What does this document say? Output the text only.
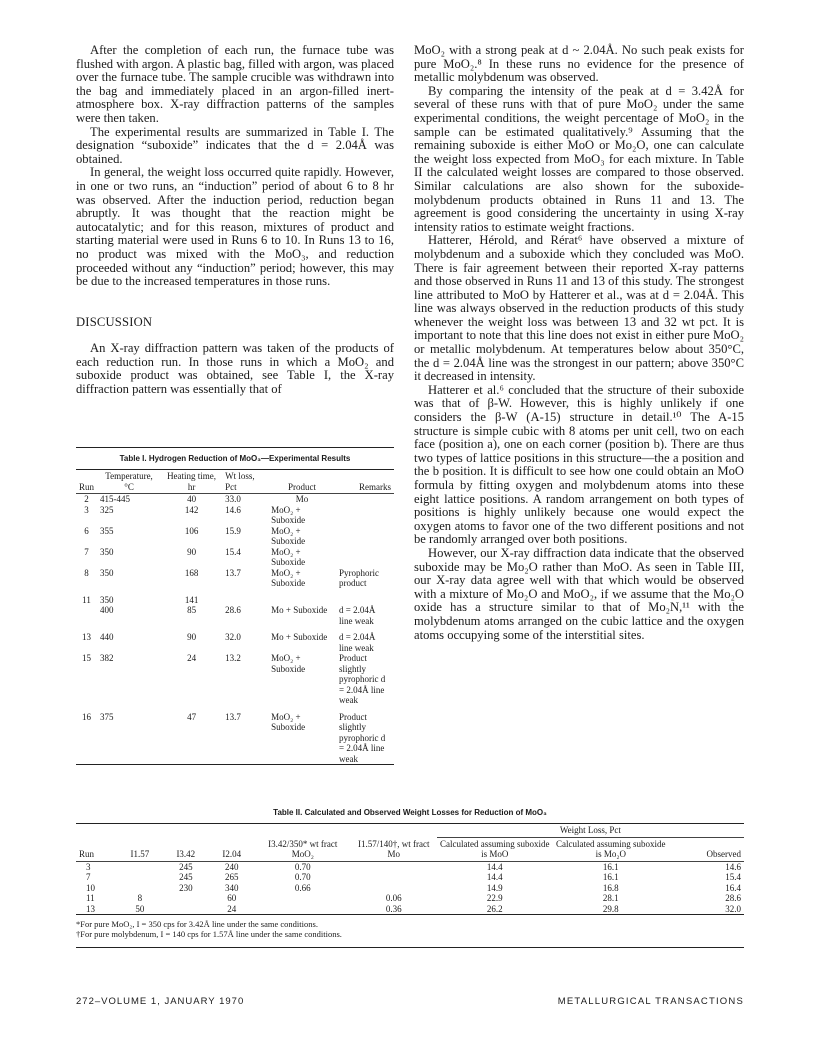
After the completion of each run, the furnace tube was flushed with argon. A plastic bag, filled with argon, was placed over the furnace tube. The sample crucible was withdrawn into the bag and immediately placed in an argon-filled inert-atmosphere box. X-ray diffraction patterns of the samples were then taken.

The experimental results are summarized in Table I. The designation “suboxide” indicates that the d = 2.04Å was obtained.

In general, the weight loss occurred quite rapidly. However, in one or two runs, an “induction” period of about 6 to 8 hr was observed. After the induction period, reduction began abruptly. It was thought that the reaction might be autocatalytic; and for this reason, mixtures of product and starting material were used in Runs 6 to 10. In Runs 13 to 16, no product was mixed with the MoO₃, and reduction proceeded without any “induction” period; however, this may be due to the increased temperatures in those runs.

DISCUSSION

An X-ray diffraction pattern was taken of the products of each reduction run. In those runs in which a MoO₂ and suboxide product was obtained, see Table I, the X-ray diffraction pattern was essentially that of

Table I. Hydrogen Reduction of MoO₃—Experimental Results
Run	Temperature, °C	Heating time, hr	Wt loss, Pct	Product	Remarks
2	415-445	40	33.0	Mo	
3	325	142	14.6	MoO₂ + Suboxide	
6	355	106	15.9	MoO₂ + Suboxide	
7	350	90	15.4	MoO₂ + Suboxide	
8	350	168	13.7	MoO₂ + Suboxide	Pyrophoric product

11	350	141			
	400	85	28.6	Mo + Suboxide	d = 2.04Å line weak

13	440	90	32.0	Mo + Suboxide	d = 2.04Å line weak
15	382	24	13.2	MoO₂ + Suboxide	Product slightly pyrophoric d = 2.04Å line weak

16	375	47	13.7	MoO₂ + Suboxide	Product slightly pyrophoric d = 2.04Å line weak

MoO₂ with a strong peak at d ~ 2.04Å. No such peak exists for pure MoO₂.⁸ In these runs no evidence for the presence of metallic molybdenum was observed.

By comparing the intensity of the peak at d = 3.42Å for several of these runs with that of pure MoO₂ under the same experimental conditions, the weight percentage of MoO₂ in the sample can be estimated qualitatively.⁹ Assuming that the remaining suboxide is either MoO or Mo₂O, one can calculate the weight loss expected from MoO₃ for each mixture. In Table II the calculated weight losses are compared to those observed. Similar calculations are also shown for the suboxide-molybdenum products obtained in Runs 11 and 13. The agreement is good considering the uncertainty in using X-ray intensity ratios to estimate weight fractions.

Hatterer, Hérold, and Rérat⁶ have observed a mixture of molybdenum and a suboxide which they concluded was MoO. There is fair agreement between their reported X-ray patterns and those observed in Runs 11 and 13 of this study. The strongest line attributed to MoO by Hatterer et al., was at d = 2.04Å. This line was always observed in the reduction products of this study whenever the weight loss was between 13 and 32 wt pct. It is important to note that this line does not exist in either pure MoO₂ or metallic molybdenum. At temperatures below about 350°C, the d = 2.04Å line was the strongest in our pattern; above 350°C it decreased in intensity.

Hatterer et al.⁶ concluded that the structure of their suboxide was that of β-W. However, this is highly unlikely if one considers the β-W (A-15) structure in detail.¹⁰ The A-15 structure is simple cubic with 8 atoms per unit cell, two on each face (position a), one on each corner (position b). There are thus two types of lattice positions in this structure—the a position and the b position. It is difficult to see how one could obtain an MoO formula by fitting oxygen and molybdenum atoms into these eight lattice positions. A random arrangement on both types of positions is highly unlikely because one would expect the oxygen atoms to favor one of the two different positions and not be randomly arranged over both positions.

However, our X-ray diffraction data indicate that the observed suboxide may be Mo₂O rather than MoO. As seen in Table III, our X-ray data agree well with that which would be observed with a mixture of Mo₂O and MoO₂, if we assume that the Mo₂O oxide has a structure similar to that of Mo₂N,¹¹ with the molybdenum atoms arranged on the cubic lattice and the oxygen atoms occupying some of the interstitial sites.

Table II. Calculated and Observed Weight Losses for Reduction of MoO₃
						Weight Loss, Pct		
Run	I1.57	I3.42	I2.04	I3.42/350* wt fract MoO₂	I1.57/140†, wt fract Mo	Calculated assuming suboxide is MoO	Calculated assuming suboxide is Mo₂O	Observed
3		245	240	0.70		14.4	16.1	14.6
7		245	265	0.70		14.4	16.1	15.4
10		230	340	0.66		14.9	16.8	16.4
11	8		60		0.06	22.9	28.1	28.6
13	50		24		0.36	26.2	29.8	32.0

*For pure MoO₂, I = 350 cps for 3.42Å line under the same conditions.

†For pure molybdenum, I = 140 cps for 1.57Å line under the same conditions.

272–VOLUME 1, JANUARY 1970	METALLURGICAL TRANSACTIONS
